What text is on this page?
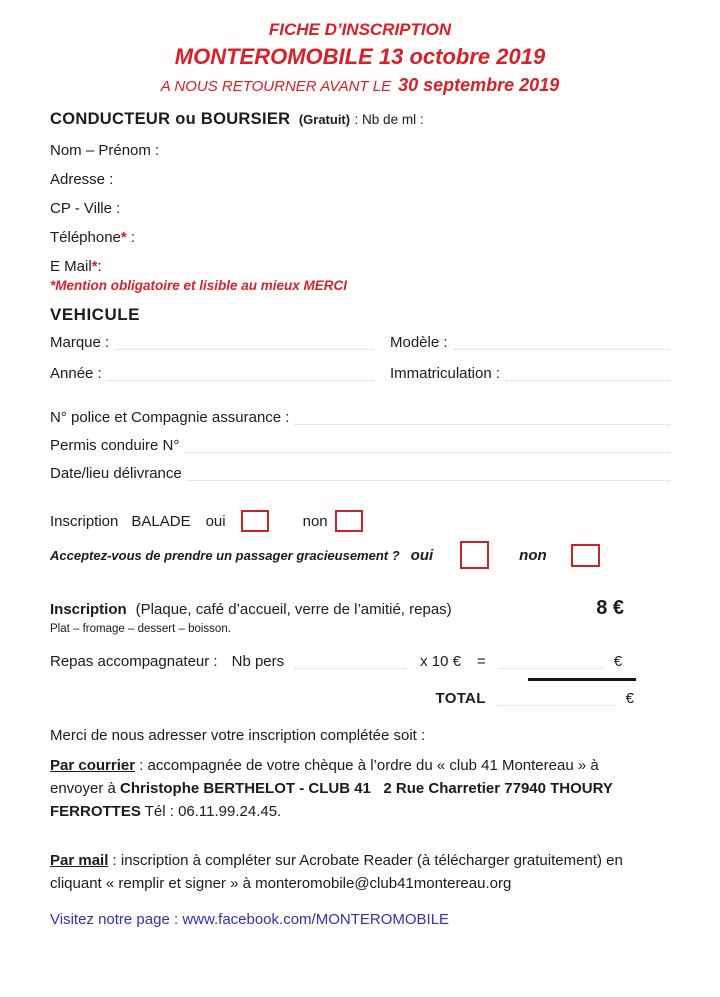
FICHE D’INSCRIPTION
MONTEROMOBILE 13 octobre 2019
A NOUS RETOURNER AVANT LE 30 septembre 2019
CONDUCTEUR ou BOURSIER (Gratuit) : Nb de ml :
Nom – Prénom :
Adresse :
CP - Ville :
Téléphone* :
E Mail*:
*Mention obligatoire et lisible au mieux MERCI
VEHICULE
Marque :	Modèle :
Année :	Immatriculation :
N° police et Compagnie assurance :
Permis conduire N°
Date/lieu délivrance
Inscription BALADE oui	non
Acceptez-vous de prendre un passager gracieusement ? oui	non
Inscription (Plaque, café d’accueil, verre de l’amitié, repas)	8 €
Plat – fromage – dessert – boisson.
Repas accompagnateur : Nb pers	x 10 € =	€
TOTAL	€
Merci de nous adresser votre inscription complétée soit :

Par courrier : accompagnée de votre chèque à l’ordre du « club 41 Montereau » à envoyer à Christophe BERTHELOT - CLUB 41   2 Rue Charretier 77940 THOURY FERROTTES Tél : 06.11.99.24.45.

Par mail : inscription à compléter sur Acrobate Reader (à télécharger gratuitement) en cliquant « remplir et signer » à monteromobile@club41montereau.org

Visitez notre page : www.facebook.com/MONTEROMOBILE
